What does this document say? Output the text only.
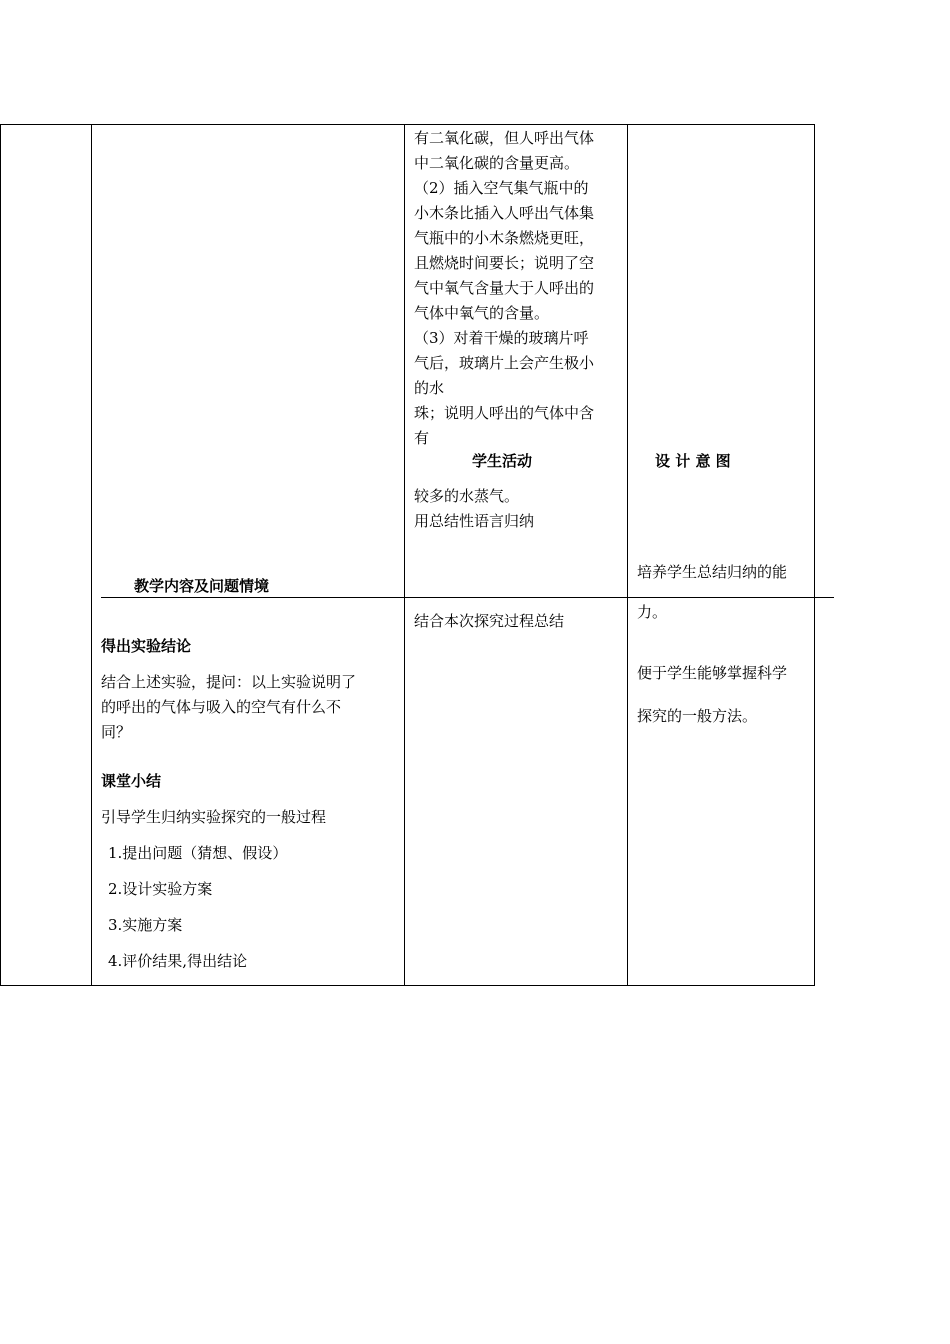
有二氧化碳，但人呼出气体
中二氧化碳的含量更高。
（2）插入空气集气瓶中的
小木条比插入人呼出气体集
气瓶中的小木条燃烧更旺，
且燃烧时间要长；说明了空
气中氧气含量大于人呼出的
气体中氧气的含量。
（3）对着干燥的玻璃片呼
气后，玻璃片上会产生极小
的水
珠；说明人呼出的气体中含
有
学生活动	设 计 意 图
教学内容及问题情境
较多的水蒸气。
用总结性语言归纳
结合本次探究过程总结
培养学生总结归纳的能
力。
便于学生能够掌握科学
探究的一般方法。
得出实验结论
结合上述实验，提问：以上实验说明了
的呼出的气体与吸入的空气有什么不
同？
课堂小结
引导学生归纳实验探究的一般过程
1.提出问题（猜想、假设）
2.设计实验方案
3.实施方案
4.评价结果,得出结论
